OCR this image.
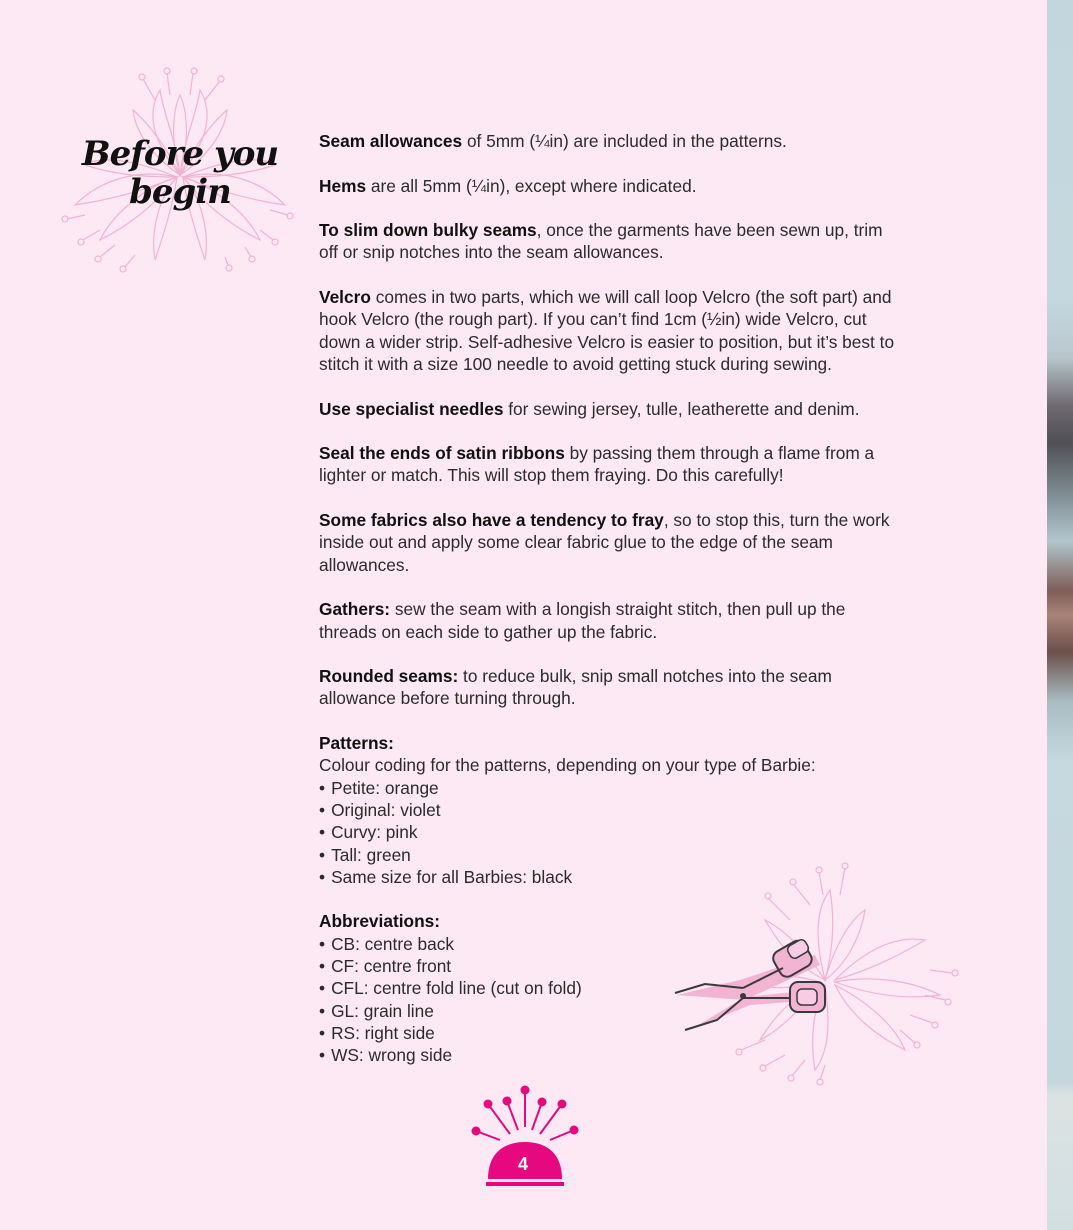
Before you
begin

Seam allowances of 5mm (¼in) are included in the patterns.

Hems are all 5mm (¼in), except where indicated.

To slim down bulky seams, once the garments have been sewn up, trim off or snip notches into the seam allowances.

Velcro comes in two parts, which we will call loop Velcro (the soft part) and hook Velcro (the rough part). If you can’t find 1cm (½in) wide Velcro, cut down a wider strip. Self-adhesive Velcro is easier to position, but it’s best to stitch it with a size 100 needle to avoid getting stuck during sewing.

Use specialist needles for sewing jersey, tulle, leatherette and denim.

Seal the ends of satin ribbons by passing them through a flame from a lighter or match. This will stop them fraying. Do this carefully!

Some fabrics also have a tendency to fray, so to stop this, turn the work inside out and apply some clear fabric glue to the edge of the seam allowances.

Gathers: sew the seam with a longish straight stitch, then pull up the threads on each side to gather up the fabric.

Rounded seams: to reduce bulk, snip small notches into the seam allowance before turning through.

Patterns:
Colour coding for the patterns, depending on your type of Barbie:
• Petite: orange
• Original: violet
• Curvy: pink
• Tall: green
• Same size for all Barbies: black
Abbreviations:
• CB: centre back
• CF: centre front
• CFL: centre fold line (cut on fold)
• GL: grain line
• RS: right side
• WS: wrong side
4
